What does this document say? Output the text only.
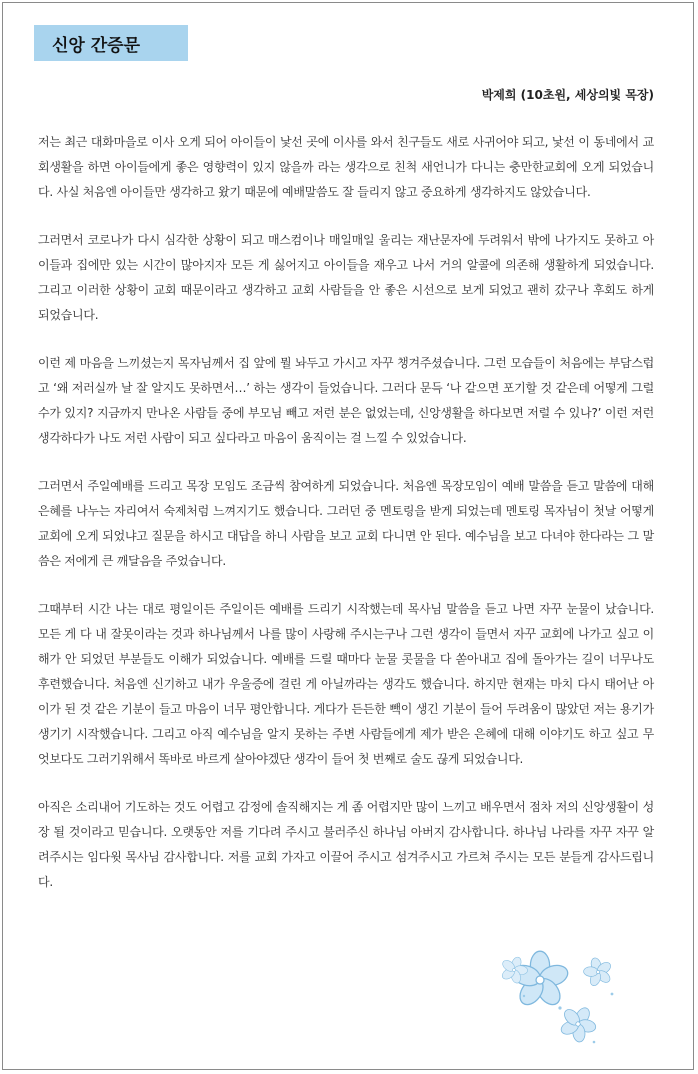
신앙 간증문
박제희 (10초원, 세상의빛 목장)

저는 최근 대화마을로 이사 오게 되어 아이들이 낯선 곳에 이사를 와서 친구들도 새로 사귀어야 되고, 낯선 이 동네에서 교회생활을 하면 아이들에게 좋은 영향력이 있지 않을까 라는 생각으로 친척 새언니가 다니는 충만한교회에 오게 되었습니다. 사실 처음엔 아이들만 생각하고 왔기 때문에 예배말씀도 잘 들리지 않고 중요하게 생각하지도 않았습니다.

그러면서 코로나가 다시 심각한 상황이 되고 매스컴이나 매일매일 울리는 재난문자에 두려워서 밖에 나가지도 못하고 아이들과 집에만 있는 시간이 많아지자 모든 게 싫어지고 아이들을 재우고 나서 거의 알콜에 의존해 생활하게 되었습니다. 그리고 이러한 상황이 교회 때문이라고 생각하고 교회 사람들을 안 좋은 시선으로 보게 되었고 괜히 갔구나 후회도 하게 되었습니다.

이런 제 마음을 느끼셨는지 목자님께서 집 앞에 뭘 놔두고 가시고 자꾸 챙겨주셨습니다. 그런 모습들이 처음에는 부담스럽고 ‘왜 저러실까 날 잘 알지도 못하면서…’ 하는 생각이 들었습니다. 그러다 문득 ‘나 같으면 포기할 것 같은데 어떻게 그럴 수가 있지? 지금까지 만나온 사람들 중에 부모님 빼고 저런 분은 없었는데, 신앙생활을 하다보면 저럴 수 있나?’ 이런 저런 생각하다가 나도 저런 사람이 되고 싶다라고 마음이 움직이는 걸 느낄 수 있었습니다.

그러면서 주일예배를 드리고 목장 모임도 조금씩 참여하게 되었습니다. 처음엔 목장모임이 예배 말씀을 듣고 말씀에 대해 은혜를 나누는 자리여서 숙제처럼 느껴지기도 했습니다. 그러던 중 멘토링을 받게 되었는데 멘토링 목자님이 첫날 어떻게 교회에 오게 되었냐고 질문을 하시고 대답을 하니 사람을 보고 교회 다니면 안 된다. 예수님을 보고 다녀야 한다라는 그 말씀은 저에게 큰 깨달음을 주었습니다.

그때부터 시간 나는 대로 평일이든 주일이든 예배를 드리기 시작했는데 목사님 말씀을 듣고 나면 자꾸 눈물이 났습니다. 모든 게 다 내 잘못이라는 것과 하나님께서 나를 많이 사랑해 주시는구나 그런 생각이 들면서 자꾸 교회에 나가고 싶고 이해가 안 되었던 부분들도 이해가 되었습니다. 예배를 드릴 때마다 눈물 콧물을 다 쏟아내고 집에 돌아가는 길이 너무나도 후련했습니다. 처음엔 신기하고 내가 우울증에 걸린 게 아닐까라는 생각도 했습니다. 하지만 현재는 마치 다시 태어난 아이가 된 것 같은 기분이 들고 마음이 너무 평안합니다. 게다가 든든한 빽이 생긴 기분이 들어 두려움이 많았던 저는 용기가 생기기 시작했습니다. 그리고 아직 예수님을 알지 못하는 주변 사람들에게 제가 받은 은혜에 대해 이야기도 하고 싶고 무엇보다도 그러기위해서 똑바로 바르게 살아야겠단 생각이 들어 첫 번째로 술도 끊게 되었습니다.

아직은 소리내어 기도하는 것도 어렵고 감정에 솔직해지는 게 좀 어렵지만 많이 느끼고 배우면서 점차 저의 신앙생활이 성장 될 것이라고 믿습니다. 오랫동안 저를 기다려 주시고 불러주신 하나님 아버지 감사합니다. 하나님 나라를 자꾸 자꾸 알려주시는 임다윗 목사님 감사합니다. 저를 교회 가자고 이끌어 주시고 섬겨주시고 가르쳐 주시는 모든 분들게 감사드립니다.
